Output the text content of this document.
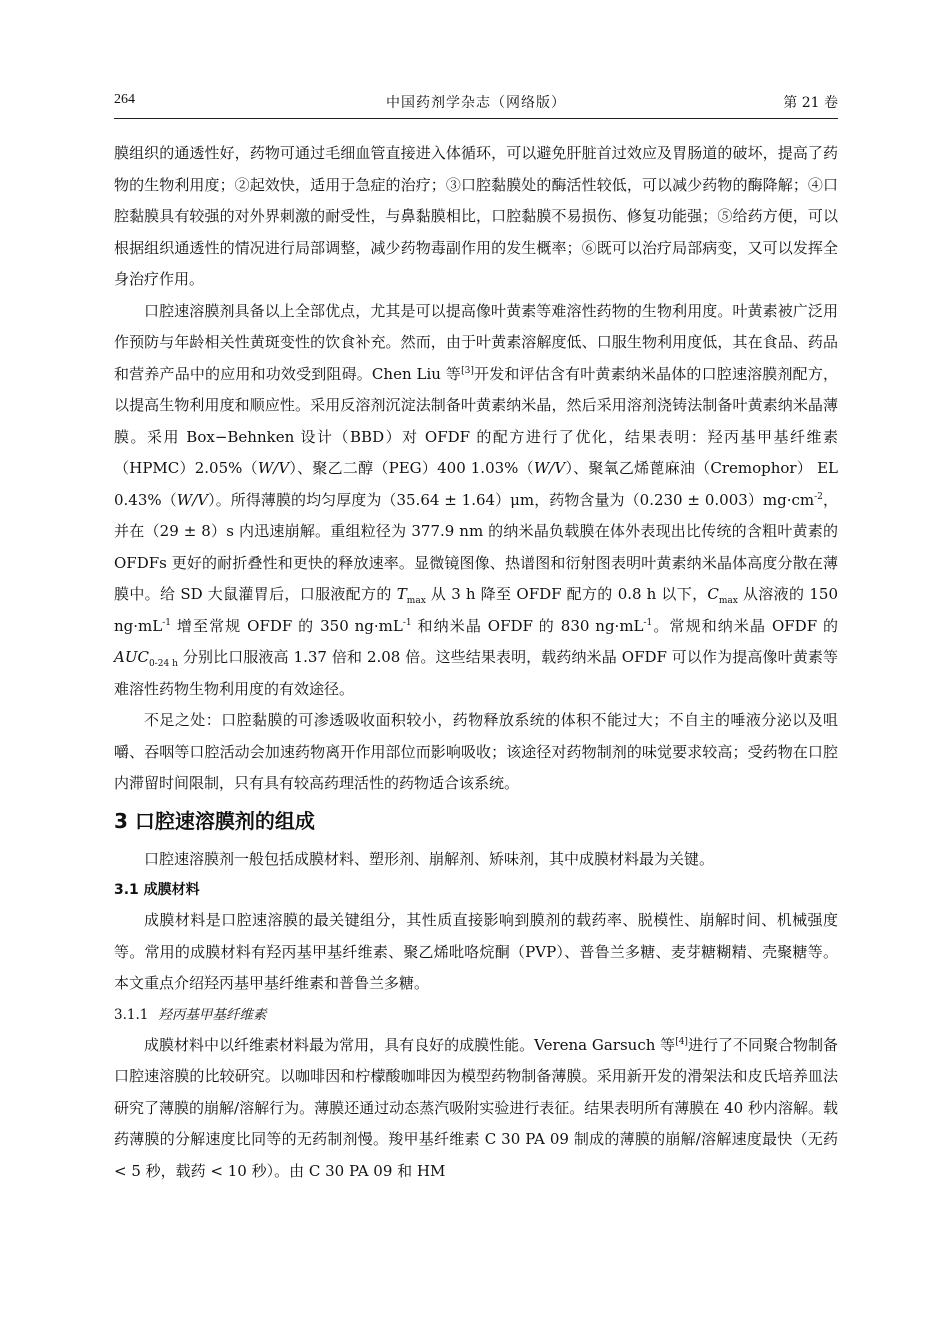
264	中国药剂学杂志（网络版）	第 21 卷

膜组织的通透性好，药物可通过毛细血管直接进入体循环，可以避免肝脏首过效应及胃肠道的破坏，提高了药物的生物利用度；②起效快，适用于急症的治疗；③口腔黏膜处的酶活性较低，可以减少药物的酶降解；④口腔黏膜具有较强的对外界刺激的耐受性，与鼻黏膜相比，口腔黏膜不易损伤、修复功能强；⑤给药方便，可以根据组织通透性的情况进行局部调整，减少药物毒副作用的发生概率；⑥既可以治疗局部病变，又可以发挥全身治疗作用。

口腔速溶膜剂具备以上全部优点，尤其是可以提高像叶黄素等难溶性药物的生物利用度。叶黄素被广泛用作预防与年龄相关性黄斑变性的饮食补充。然而，由于叶黄素溶解度低、口服生物利用度低，其在食品、药品和营养产品中的应用和功效受到阻碍。Chen Liu 等[3]开发和评估含有叶黄素纳米晶体的口腔速溶膜剂配方，以提高生物利用度和顺应性。采用反溶剂沉淀法制备叶黄素纳米晶，然后采用溶剂浇铸法制备叶黄素纳米晶薄膜。采用 Box−Behnken 设计（BBD）对 OFDF 的配方进行了优化，结果表明：羟丙基甲基纤维素（HPMC）2.05%（W/V）、聚乙二醇（PEG）400 1.03%（W/V）、聚氧乙烯蓖麻油（Cremophor） EL 0.43%（W/V）。所得薄膜的均匀厚度为（35.64 ± 1.64）μm，药物含量为$(0.230 \pm 0.003)mg\cdot cm^{-2}$，并在（29 ± 8）s 内迅速崩解。重组粒径为 377.9 nm 的纳米晶负载膜在体外表现出比传统的含粗叶黄素的 OFDFs 更好的耐折叠性和更快的释放速率。显微镜图像、热谱图和衍射图表明叶黄素纳米晶体高度分散在薄膜中。给 SD 大鼠灌胃后，口服液配方的 $T_{max}$ 从 3 h 降至 OFDF 配方的 0.8 h 以下，$C_{max}$ 从溶液的 150 $ng\cdot mL^{-1}$ 增至常规 OFDF 的 350 $ng\cdot mL^{-1}$ 和纳米晶 OFDF 的 830 $ng\cdot mL^{-1}$。常规和纳米晶 OFDF 的 $AUC_{0-24 h}$ 分别比口服液高 1.37 倍和 2.08 倍。这些结果表明，载药纳米晶 OFDF 可以作为提高像叶黄素等难溶性药物生物利用度的有效途径。

不足之处：口腔黏膜的可渗透吸收面积较小，药物释放系统的体积不能过大；不自主的唾液分泌以及咀嚼、吞咽等口腔活动会加速药物离开作用部位而影响吸收；该途径对药物制剂的味觉要求较高；受药物在口腔内滞留时间限制，只有具有较高药理活性的药物适合该系统。

3 口腔速溶膜剂的组成

口腔速溶膜剂一般包括成膜材料、塑形剂、崩解剂、矫味剂，其中成膜材料最为关键。

3.1 成膜材料

成膜材料是口腔速溶膜的最关键组分，其性质直接影响到膜剂的载药率、脱模性、崩解时间、机械强度等。常用的成膜材料有羟丙基甲基纤维素、聚乙烯吡咯烷酮（PVP）、普鲁兰多糖、麦芽糖糊精、壳聚糖等。本文重点介绍羟丙基甲基纤维素和普鲁兰多糖。

3.1.1 羟丙基甲基纤维素

成膜材料中以纤维素材料最为常用，具有良好的成膜性能。Verena Garsuch 等[4]进行了不同聚合物制备口腔速溶膜的比较研究。以咖啡因和柠檬酸咖啡因为模型药物制备薄膜。采用新开发的滑架法和皮氏培养皿法研究了薄膜的崩解/溶解行为。薄膜还通过动态蒸汽吸附实验进行表征。结果表明所有薄膜在 40 秒内溶解。载药薄膜的分解速度比同等的无药制剂慢。羧甲基纤维素 C 30 PA 09 制成的薄膜的崩解/溶解速度最快（无药 < 5 秒，载药 < 10 秒）。由 C 30 PA 09 和 HM
